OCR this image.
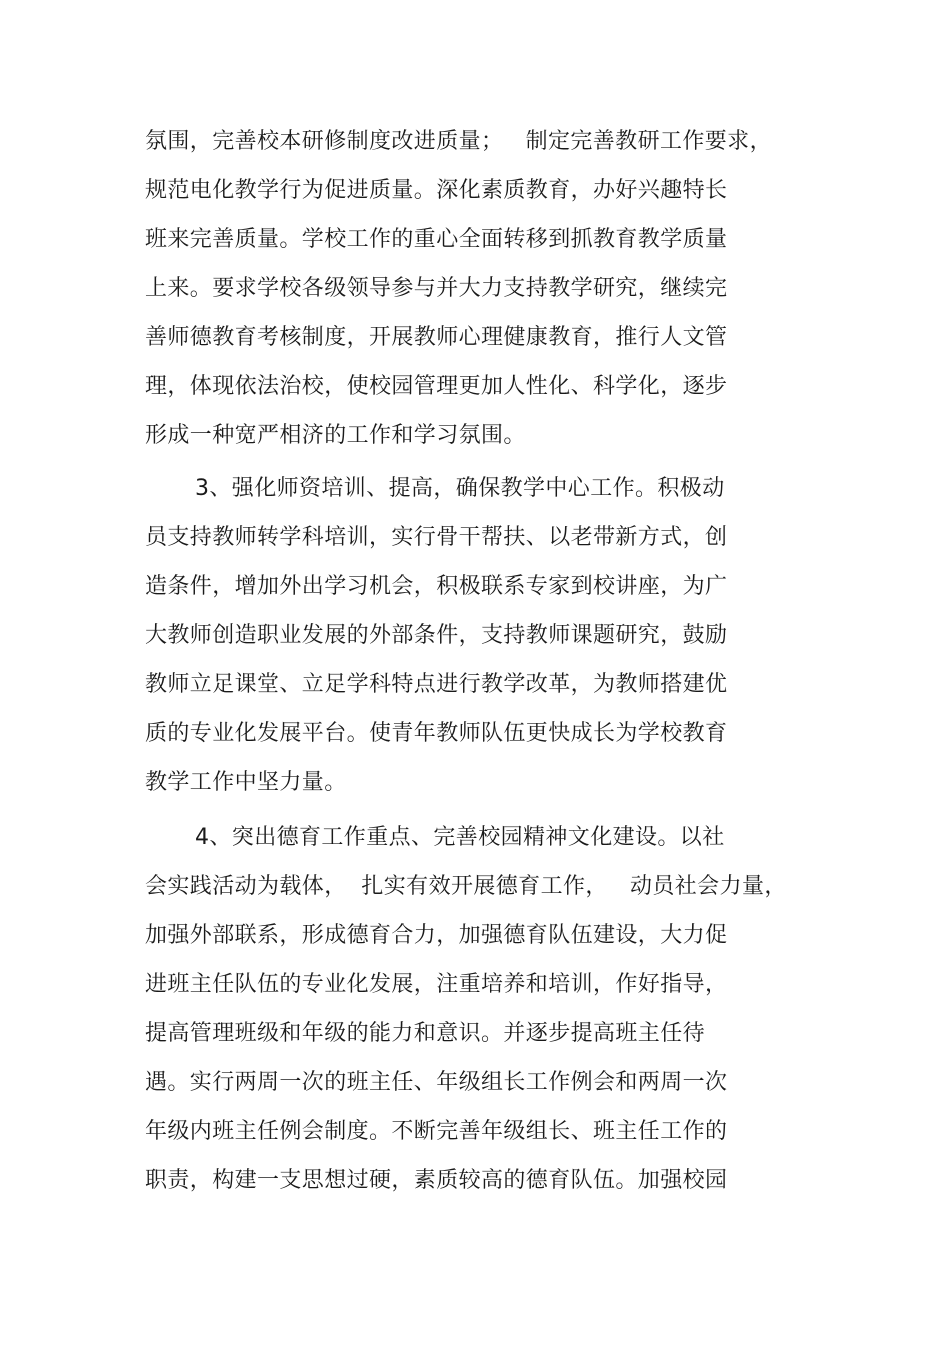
氛围，完善校本研修制度改进质量；   制定完善教研工作要求，
规范电化教学行为促进质量。深化素质教育，办好兴趣特长
班来完善质量。学校工作的重心全面转移到抓教育教学质量
上来。要求学校各级领导参与并大力支持教学研究，继续完
善师德教育考核制度，开展教师心理健康教育，推行人文管
理，体现依法治校，使校园管理更加人性化、科学化，逐步
形成一种宽严相济的工作和学习氛围。
3、强化师资培训、提高，确保教学中心工作。积极动
员支持教师转学科培训，实行骨干帮扶、以老带新方式，创
造条件，增加外出学习机会，积极联系专家到校讲座，为广
大教师创造职业发展的外部条件，支持教师课题研究，鼓励
教师立足课堂、立足学科特点进行教学改革，为教师搭建优
质的专业化发展平台。使青年教师队伍更快成长为学校教育
教学工作中坚力量。
4、突出德育工作重点、完善校园精神文化建设。以社
会实践活动为载体，  扎实有效开展德育工作，   动员社会力量，
加强外部联系，形成德育合力，加强德育队伍建设，大力促
进班主任队伍的专业化发展，注重培养和培训，作好指导，
提高管理班级和年级的能力和意识。并逐步提高班主任待
遇。实行两周一次的班主任、年级组长工作例会和两周一次
年级内班主任例会制度。不断完善年级组长、班主任工作的
职责，构建一支思想过硬，素质较高的德育队伍。加强校园
